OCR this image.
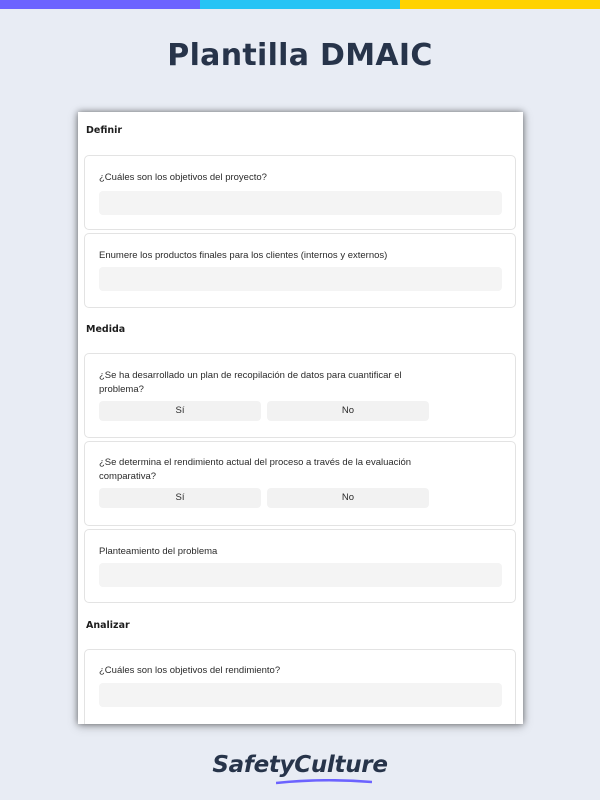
Plantilla DMAIC
Definir
¿Cuáles son los objetivos del proyecto?
Enumere los productos finales para los clientes (internos y externos)
Medida
¿Se ha desarrollado un plan de recopilación de datos para cuantificar el problema?
Sí	No
¿Se determina el rendimiento actual del proceso a través de la evaluación comparativa?
Sí	No
Planteamiento del problema
Analizar
¿Cuáles son los objetivos del rendimiento?
SafetyCulture
